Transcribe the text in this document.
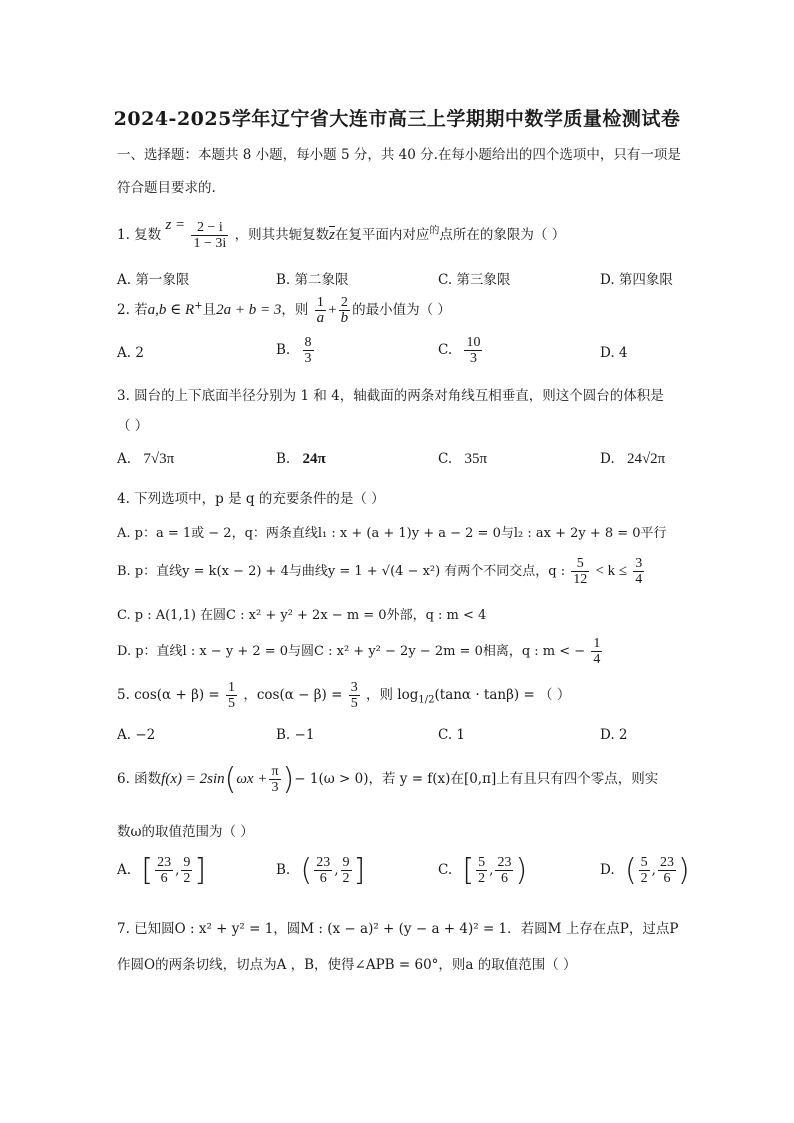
2024-2025学年辽宁省大连市高三上学期期中数学质量检测试卷
一、选择题：本题共 8 小题，每小题 5 分，共 40 分.在每小题给出的四个选项中，只有一项是
符合题目要求的.
1. 复数 $z = \frac{2 - i}{1 - 3i}$ ，则其共轭复数$\overline{z}$在复平面内对应$^的$点所在的象限为（ ）
A. 第一象限	B. 第二象限	C. 第三象限	D. 第四象限
2. 若a,b ∈ R+且2a + b = 3，则 $\frac{1}{a} + \frac{2}{b}$ 的最小值为（ ）
A. 2	B. $\frac{8}{3}$	C. $\frac{10}{3}$	D. 4
3. 圆台的上下底面半径分别为 1 和 4，轴截面的两条对角线互相垂直，则这个圆台的体积是
（ ）
A. 7√3π	B. 24π	C. 35π	D. 24√2π
4. 下列选项中，p 是 q 的充要条件的是（ ）
A. p：a = 1或 − 2，q：两条直线l₁ : x + (a + 1)y + a − 2 = 0与l₂ : ax + 2y + 8 = 0平行
B. p：直线y = k(x − 2) + 4与曲线y = 1 + √(4 − x²) 有两个不同交点，q : $\frac{5}{12} < k \le \frac{3}{4}$
C. p : A(1,1) 在圆C : x² + y² + 2x − m = 0外部，q : m < 4
D. p：直线l : x − y + 2 = 0与圆C : x² + y² − 2y − 2m = 0相离，q : m < − $\frac{1}{4}$
5. $\cos(\alpha + \beta) = \frac{1}{5}$ ，$\cos(\alpha - \beta) = \frac{3}{5}$ ，则 $\log_{1/2}(\tan\alpha \cdot \tan\beta)$ = （ ）
A. −2	B. −1	C. 1	D. 2
6. 函数$f(x) = 2\sin(\omega x + \frac{\pi}{3}$ )− 1(ω > 0)，若 y = f(x)在[0,π]上有且只有四个零点，则实
数ω的取值范围为（ ）
A. [ $\frac{23}{6}$ , $\frac{9}{2}$ ]	B. ( $\frac{23}{6}$ , $\frac{9}{2}$ ]	C. [ $\frac{5}{2}$ , $\frac{23}{6}$ )	D. ( $\frac{5}{2}$ , $\frac{23}{6}$ )
7. 已知圆O : x² + y² = 1，圆M : (x − a)² + (y − a + 4)² = 1．若圆M 上存在点P，过点P
作圆O的两条切线，切点为A ，B，使得∠APB = 60°，则a 的取值范围（ ）
